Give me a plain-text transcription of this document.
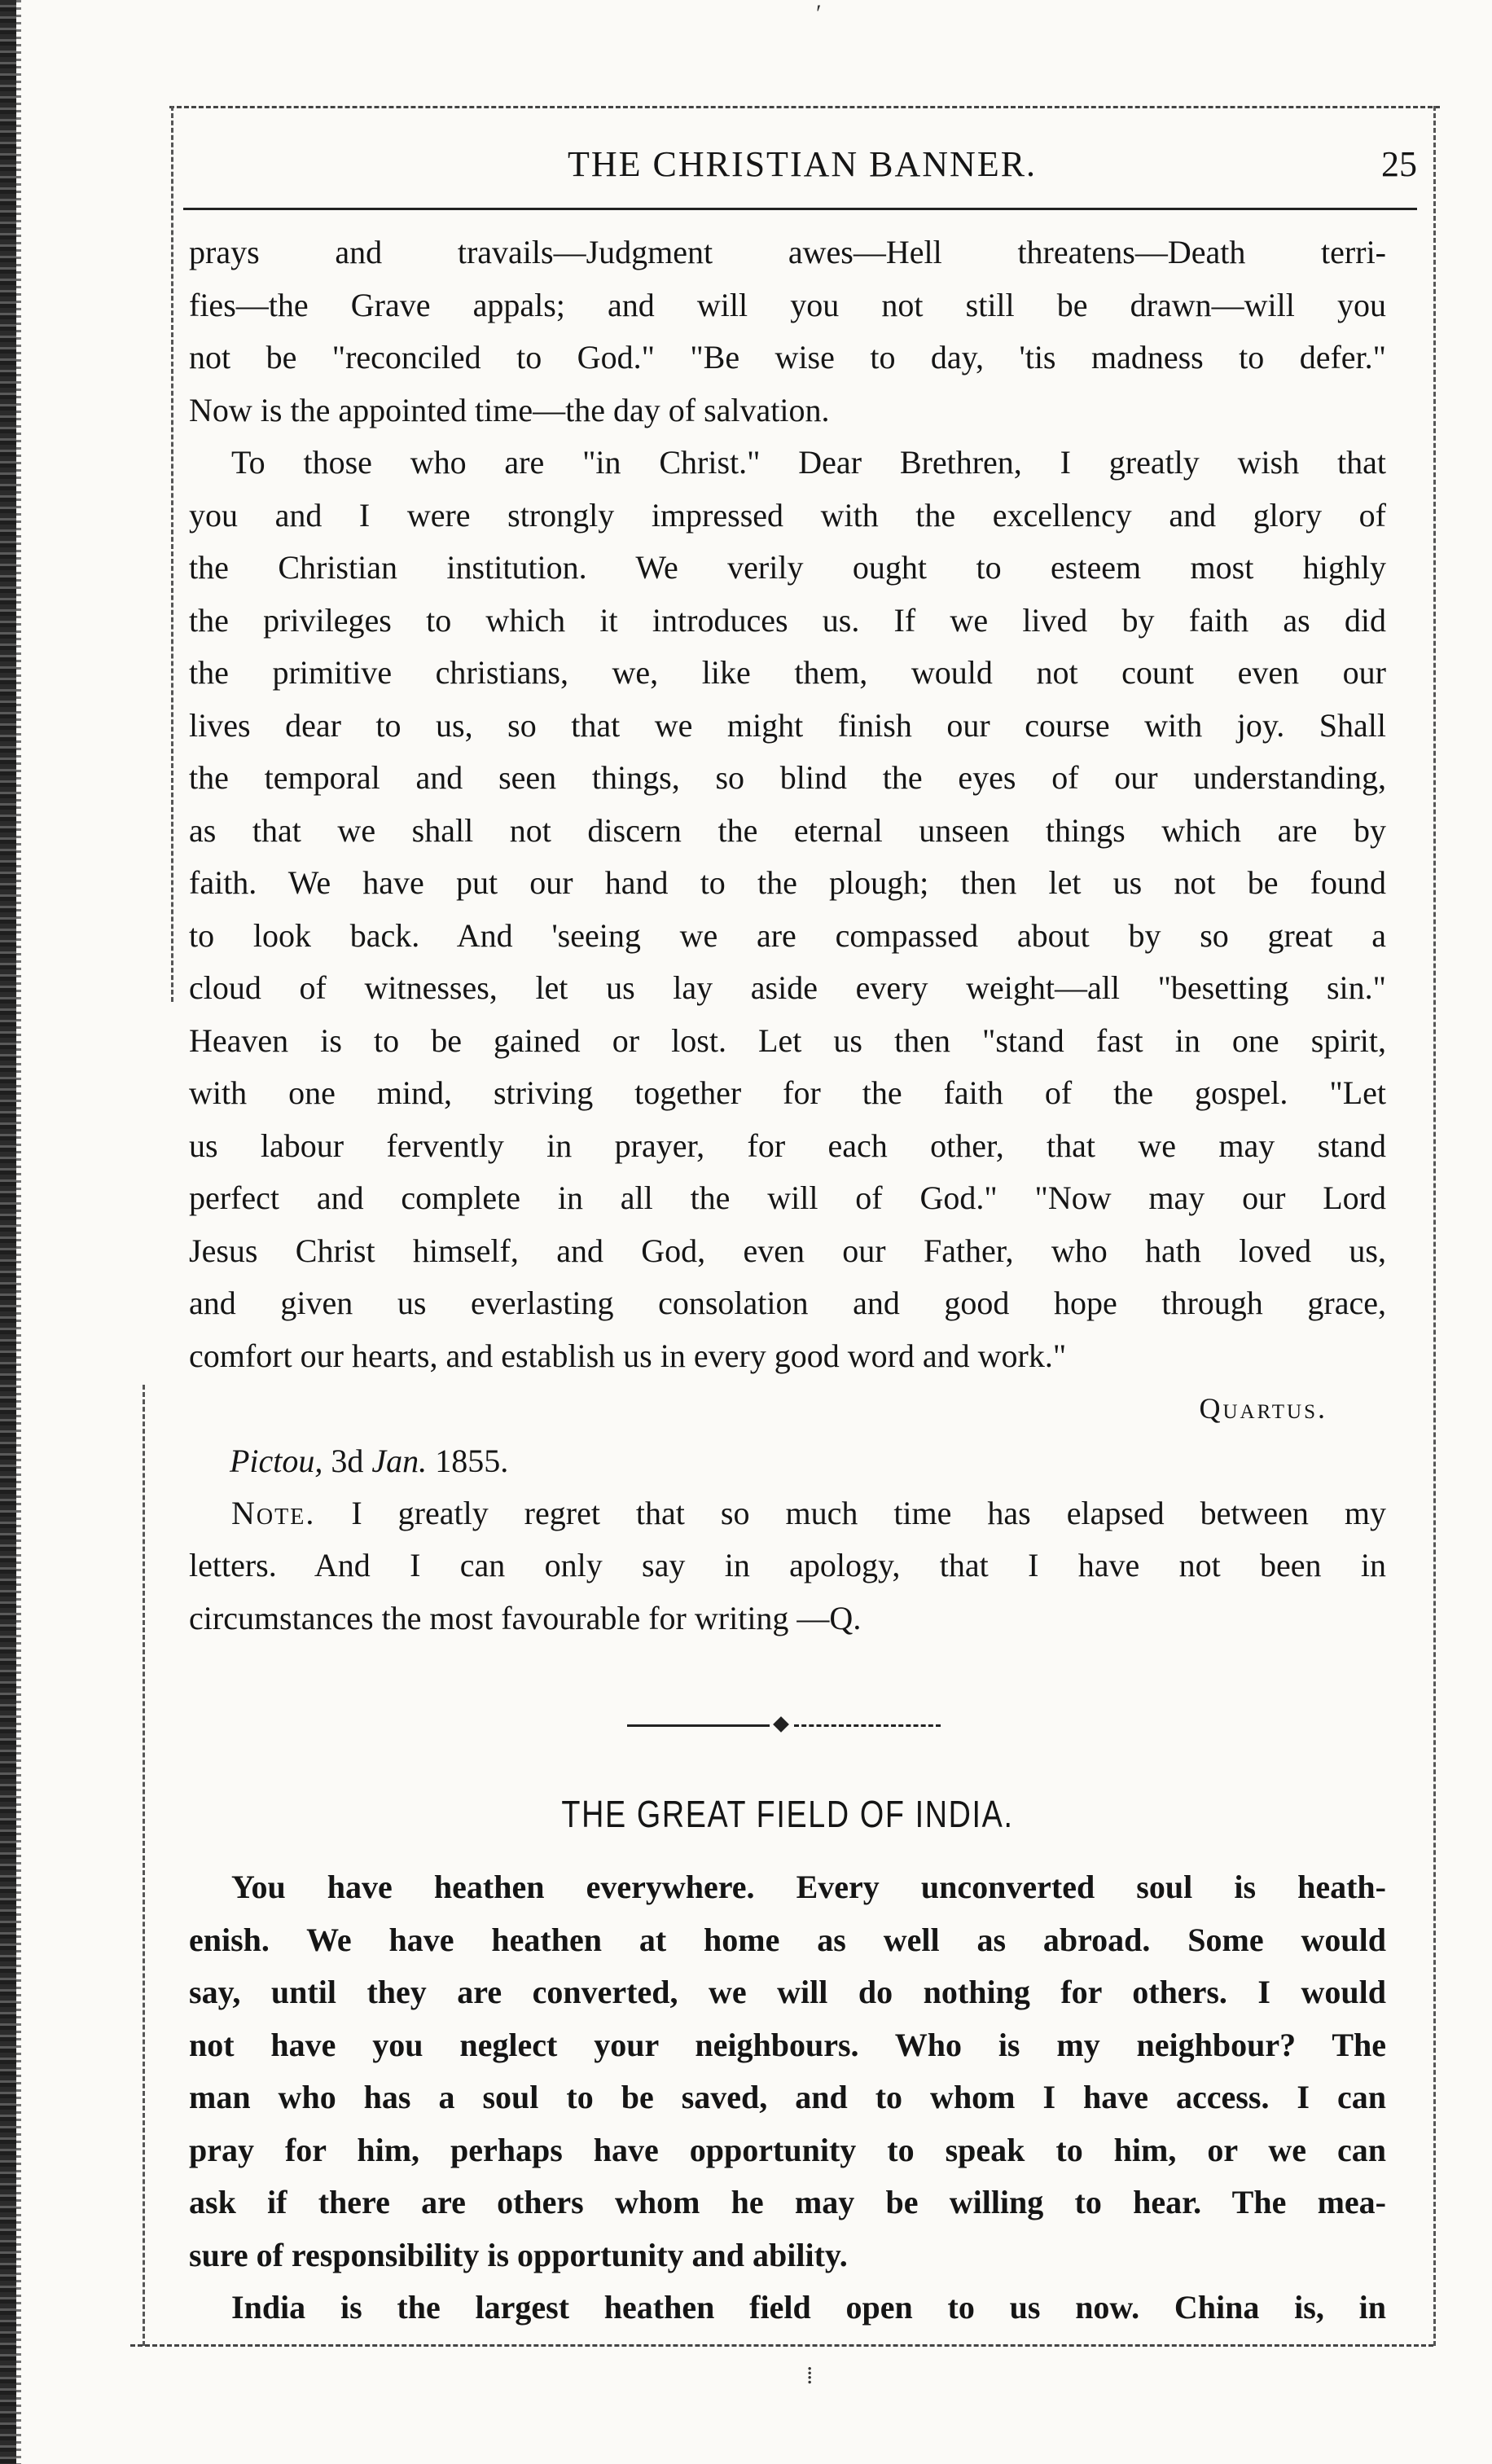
ʹ
⁞
THE CHRISTIAN BANNER.	25

prays and travails—Judgment awes—Hell threatens—Death terri-

fies—the Grave appals; and will you not still be drawn—will you

not be "reconciled to God." "Be wise to day, 'tis madness to defer."

Now is the appointed time—the day of salvation.

To those who are "in Christ." Dear Brethren, I greatly wish that

you and I were strongly impressed with the excellency and glory of

the Christian institution. We verily ought to esteem most highly

the privileges to which it introduces us. If we lived by faith as did

the primitive christians, we, like them, would not count even our

lives dear to us, so that we might finish our course with joy. Shall

the temporal and seen things, so blind the eyes of our understanding,

as that we shall not discern the eternal unseen things which are by

faith. We have put our hand to the plough; then let us not be found

to look back. And 'seeing we are compassed about by so great a

cloud of witnesses, let us lay aside every weight—all "besetting sin."

Heaven is to be gained or lost. Let us then "stand fast in one spirit,

with one mind, striving together for the faith of the gospel. "Let

us labour fervently in prayer, for each other, that we may stand

perfect and complete in all the will of God." "Now may our Lord

Jesus Christ himself, and God, even our Father, who hath loved us,

and given us everlasting consolation and good hope through grace,

comfort our hearts, and establish us in every good word and work."

Quartus.

Pictou, 3d Jan. 1855.

Note. I greatly regret that so much time has elapsed between my

letters. And I can only say in apology, that I have not been in

circumstances the most favourable for writing —Q.

THE GREAT FIELD OF INDIA.

You have heathen everywhere. Every unconverted soul is heath-

enish. We have heathen at home as well as abroad. Some would

say, until they are converted, we will do nothing for others. I would

not have you neglect your neighbours. Who is my neighbour? The

man who has a soul to be saved, and to whom I have access. I can

pray for him, perhaps have opportunity to speak to him, or we can

ask if there are others whom he may be willing to hear. The mea-

sure of responsibility is opportunity and ability.

India is the largest heathen field open to us now. China is, in
